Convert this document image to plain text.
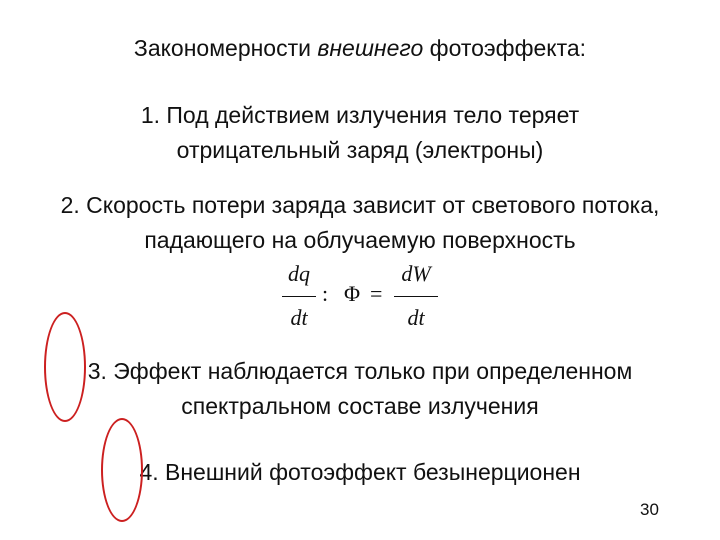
Закономерности внешнего фотоэффекта:
1. Под действием излучения тело теряет
отрицательный заряд (электроны)
2. Скорость потери заряда зависит от светового потока,
падающего на облучаемую поверхность
dq
dt
: Φ =
dW
dt
3. Эффект наблюдается только при определенном
спектральном составе излучения
4. Внешний фотоэффект безынерционен
30
